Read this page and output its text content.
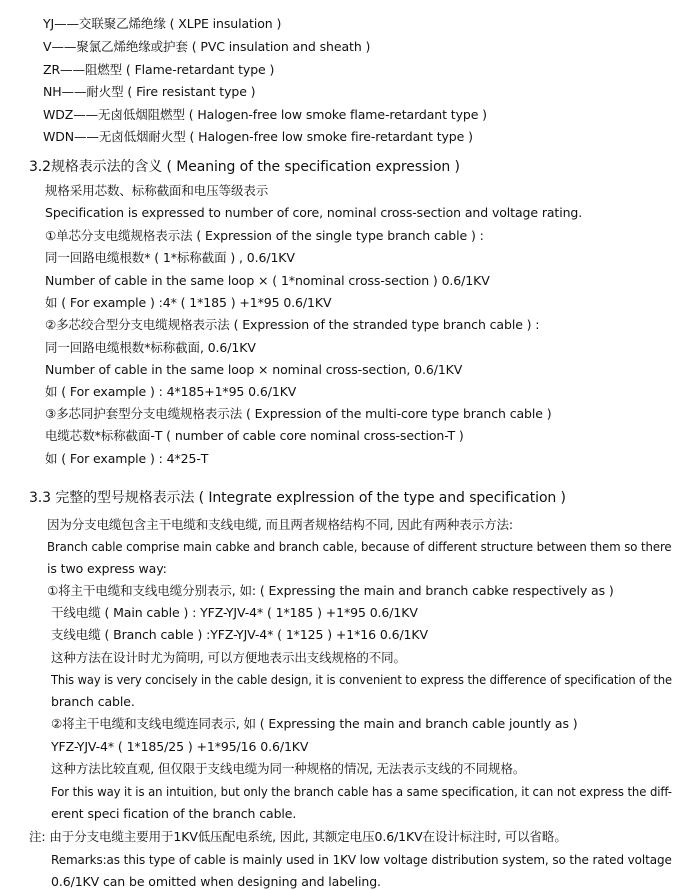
YJ——交联聚乙烯绝缘 ( XLPE insulation )
V——聚氯乙烯绝缘或护套 ( PVC insulation and sheath )
ZR——阻燃型 ( Flame-retardant type )
NH——耐火型 ( Fire resistant type )
WDZ——无卤低烟阻燃型 ( Halogen-free low smoke flame-retardant type )
WDN——无卤低烟耐火型 ( Halogen-free low smoke fire-retardant type )
3.2规格表示法的含义 ( Meaning of the specification expression )
规格采用芯数、标称截面和电压等级表示
Specification is expressed to number of core, nominal cross-section and voltage rating.
①单芯分支电缆规格表示法 ( Expression of the single type branch cable ) :
同一回路电缆根数* ( 1*标称截面 ) , 0.6/1KV
Number of cable in the same loop × ( 1*nominal cross-section ) 0.6/1KV
如 ( For example ) :4* ( 1*185 ) +1*95 0.6/1KV
②多芯绞合型分支电缆规格表示法 ( Expression of the stranded type branch cable ) :
同一回路电缆根数*标称截面, 0.6/1KV
Number of cable in the same loop × nominal cross-section, 0.6/1KV
如 ( For example ) : 4*185+1*95 0.6/1KV
③多芯同护套型分支电缆规格表示法 ( Expression of the multi-core type branch cable )
电缆芯数*标称截面-T ( number of cable core nominal cross-section-T )
如 ( For example ) : 4*25-T
3.3 完整的型号规格表示法 ( Integrate explression of the type and specification )
因为分支电缆包含主干电缆和支线电缆, 而且两者规格结构不同, 因此有两种表示方法:
Branch cable comprise main cabke and branch cable, because of different structure between them so there
is two express way:
①将主干电缆和支线电缆分别表示, 如: ( Expressing the main and branch cabke respectively as )
干线电缆 ( Main cable ) : YFZ-YJV-4* ( 1*185 ) +1*95 0.6/1KV
支线电缆 ( Branch cable ) :YFZ-YJV-4* ( 1*125 ) +1*16 0.6/1KV
这种方法在设计时尤为简明, 可以方便地表示出支线规格的不同。
This way is very concisely in the cable design, it is convenient to express the difference of specification of the
branch cable.
②将主干电缆和支线电缆连同表示, 如 ( Expressing the main and branch cable jountly as )
YFZ-YJV-4* ( 1*185/25 ) +1*95/16 0.6/1KV
这种方法比较直观, 但仅限于支线电缆为同一种规格的情况, 无法表示支线的不同规格。
For this way it is an intuition, but only the branch cable has a same specification, it can not express the diff-
erent speci fication of the branch cable.
注: 由于分支电缆主要用于1KV低压配电系统, 因此, 其额定电压0.6/1KV在设计标注时, 可以省略。
Remarks:as this type of cable is mainly used in 1KV low voltage distribution system, so the rated voltage
0.6/1KV can be omitted when designing and labeling.
